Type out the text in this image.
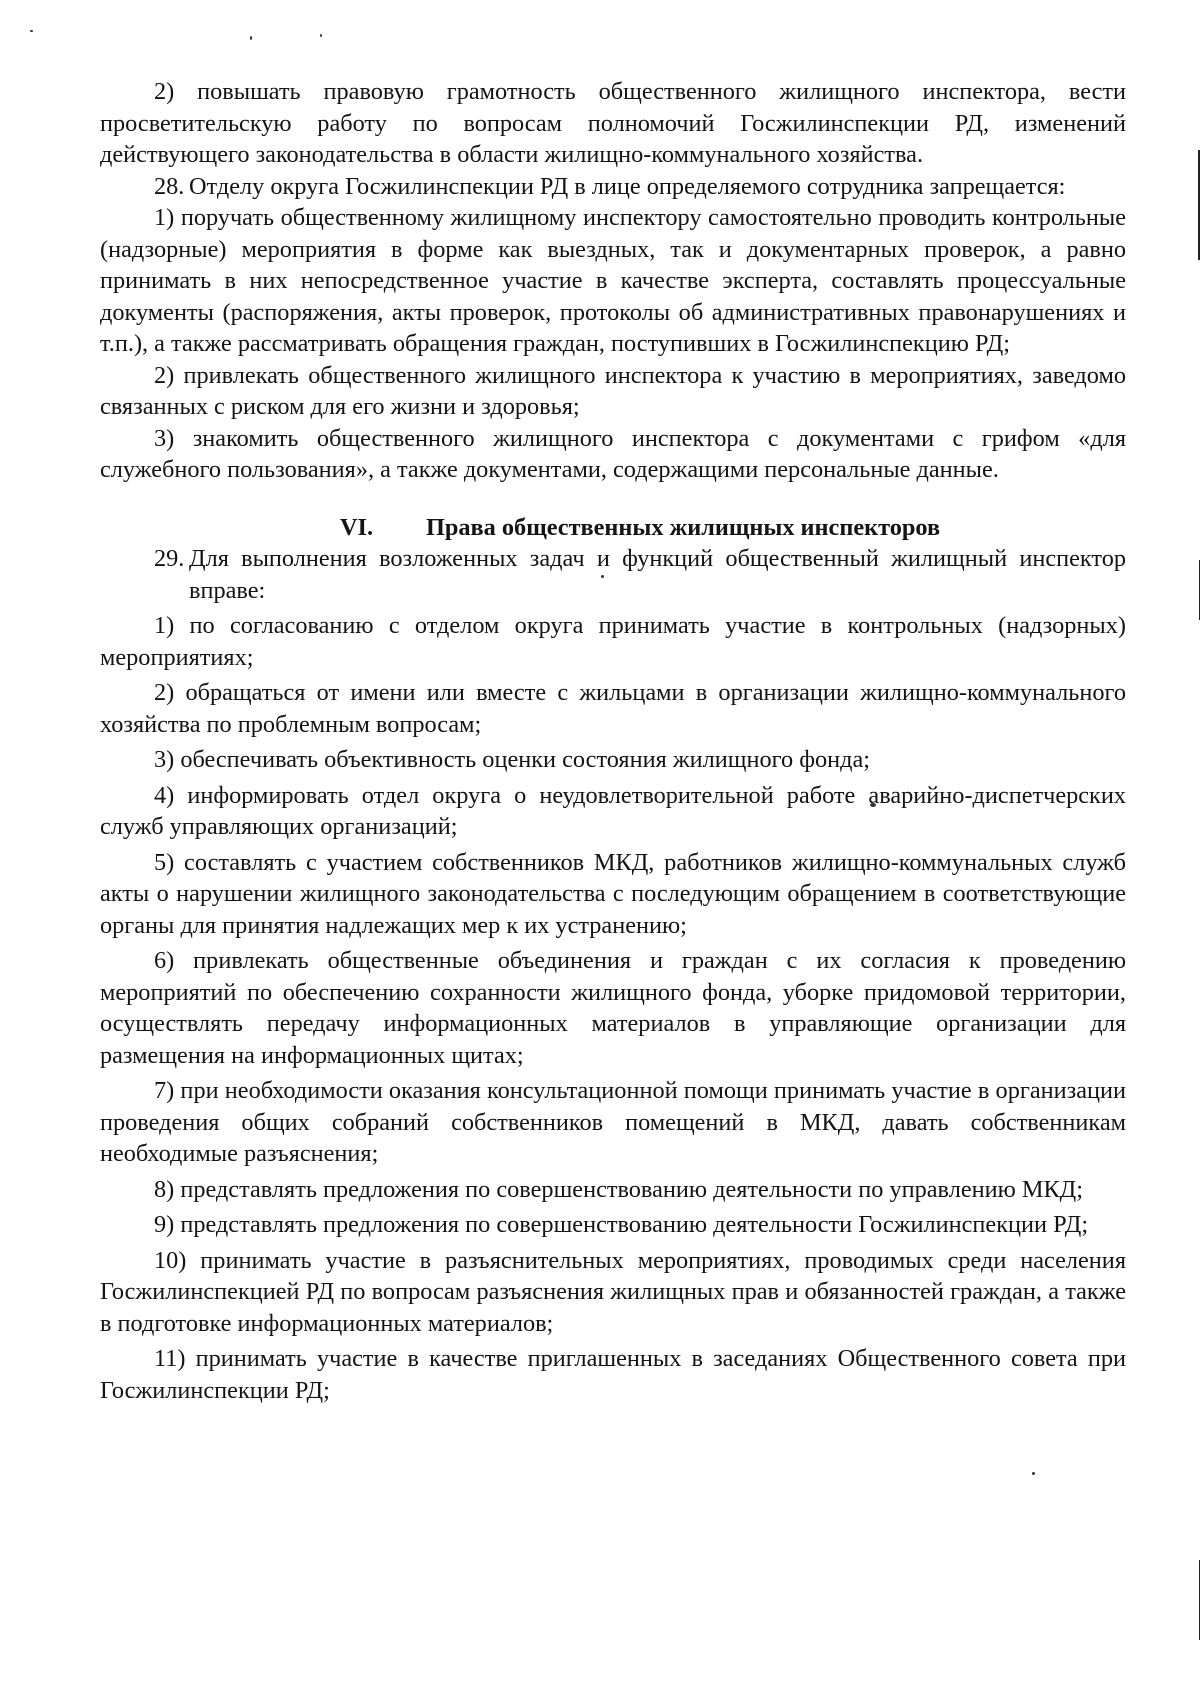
2) повышать правовую грамотность общественного жилищного инспектора, вести просветительскую работу по вопросам полномочий Госжилинспекции РД, изменений действующего законодательства в области жилищно-коммунального хозяйства.

28. Отделу округа Госжилинспекции РД в лице определяемого сотрудника запрещается:

1) поручать общественному жилищному инспектору самостоятельно проводить контрольные (надзорные) мероприятия в форме как выездных, так и документарных проверок, а равно принимать в них непосредственное участие в качестве эксперта, составлять процессуальные документы (распоряжения, акты проверок, протоколы об административных правонарушениях и т.п.), а также рассматривать обращения граждан, поступивших в Госжилинспекцию РД;

2) привлекать общественного жилищного инспектора к участию в мероприятиях, заведомо связанных с риском для его жизни и здоровья;

3) знакомить общественного жилищного инспектора с документами с грифом «для служебного пользования», а также документами, содержащими персональные данные.

VI. Права общественных жилищных инспекторов
29. Для выполнения возложенных задач и функций общественный жилищный инспектор вправе:

1) по согласованию с отделом округа принимать участие в контрольных (надзорных) мероприятиях;

2) обращаться от имени или вместе с жильцами в организации жилищно-коммунального хозяйства по проблемным вопросам;

3) обеспечивать объективность оценки состояния жилищного фонда;

4) информировать отдел округа о неудовлетворительной работе аварийно-диспетчерских служб управляющих организаций;

5) составлять с участием собственников МКД, работников жилищно-коммунальных служб акты о нарушении жилищного законодательства с последующим обращением в соответствующие органы для принятия надлежащих мер к их устранению;

6) привлекать общественные объединения и граждан с их согласия к проведению мероприятий по обеспечению сохранности жилищного фонда, уборке придомовой территории, осуществлять передачу информационных материалов в управляющие организации для размещения на информационных щитах;

7) при необходимости оказания консультационной помощи принимать участие в организации проведения общих собраний собственников помещений в МКД, давать собственникам необходимые разъяснения;

8) представлять предложения по совершенствованию деятельности по управлению МКД;

9) представлять предложения по совершенствованию деятельности Госжилинспекции РД;

10) принимать участие в разъяснительных мероприятиях, проводимых среди населения Госжилинспекцией РД по вопросам разъяснения жилищных прав и обязанностей граждан, а также в подготовке информационных материалов;

11) принимать участие в качестве приглашенных в заседаниях Общественного совета при Госжилинспекции РД;
